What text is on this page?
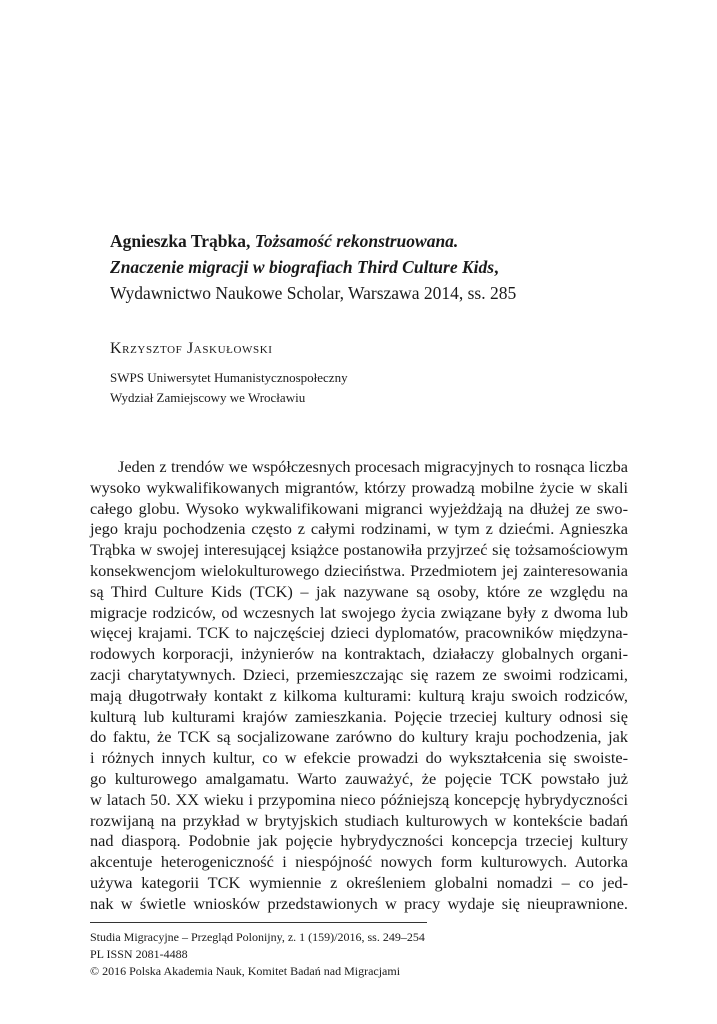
Agnieszka Trąbka, Tożsamość rekonstruowana.
Znaczenie migracji w biografiach Third Culture Kids,
Wydawnictwo Naukowe Scholar, Warszawa 2014, ss. 285
Krzysztof Jaskułowski
SWPS Uniwersytet Humanistycznospołeczny
Wydział Zamiejscowy we Wrocławiu
Jeden z trendów we współczesnych procesach migracyjnych to rosnąca liczba
wysoko wykwalifikowanych migrantów, którzy prowadzą mobilne życie w skali
całego globu. Wysoko wykwalifikowani migranci wyjeżdżają na dłużej ze swo-
jego kraju pochodzenia często z całymi rodzinami, w tym z dziećmi. Agnieszka
Trąbka w swojej interesującej książce postanowiła przyjrzeć się tożsamościowym
konsekwencjom wielokulturowego dzieciństwa. Przedmiotem jej zainteresowania
są Third Culture Kids (TCK) – jak nazywane są osoby, które ze względu na
migracje rodziców, od wczesnych lat swojego życia związane były z dwoma lub
więcej krajami. TCK to najczęściej dzieci dyplomatów, pracowników międzyna-
rodowych korporacji, inżynierów na kontraktach, działaczy globalnych organi-
zacji charytatywnych. Dzieci, przemieszczając się razem ze swoimi rodzicami,
mają długotrwały kontakt z kilkoma kulturami: kulturą kraju swoich rodziców,
kulturą lub kulturami krajów zamieszkania. Pojęcie trzeciej kultury odnosi się
do faktu, że TCK są socjalizowane zarówno do kultury kraju pochodzenia, jak
i różnych innych kultur, co w efekcie prowadzi do wykształcenia się swoiste-
go kulturowego amalgamatu. Warto zauważyć, że pojęcie TCK powstało już
w latach 50. XX wieku i przypomina nieco późniejszą koncepcję hybrydyczności
rozwijaną na przykład w brytyjskich studiach kulturowych w kontekście badań
nad diasporą. Podobnie jak pojęcie hybrydyczności koncepcja trzeciej kultury
akcentuje heterogeniczność i niespójność nowych form kulturowych. Autorka
używa kategorii TCK wymiennie z określeniem globalni nomadzi – co jed-
nak w świetle wniosków przedstawionych w pracy wydaje się nieuprawnione.
Studia Migracyjne – Przegląd Polonijny, z. 1 (159)/2016, ss. 249–254
PL ISSN 2081-4488
© 2016 Polska Akademia Nauk, Komitet Badań nad Migracjami
